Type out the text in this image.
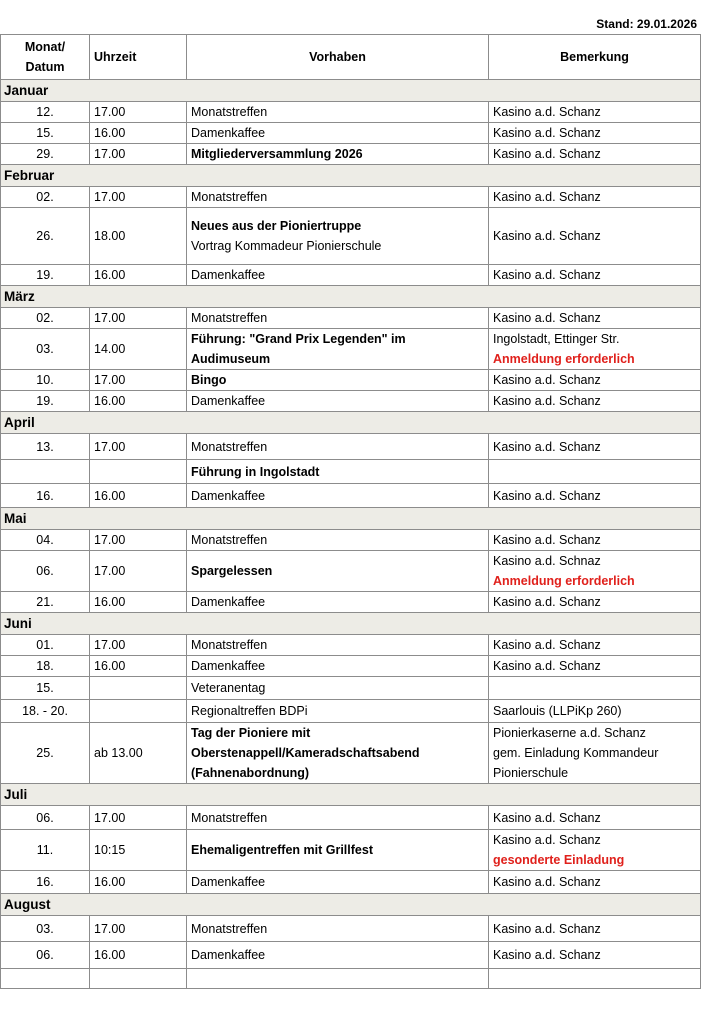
Stand: 29.01.2026
Monat/
Datum	Uhrzeit	Vorhaben	Bemerkung
Januar			
12.	17.00	Monatstreffen	Kasino a.d. Schanz

15.	16.00	Damenkaffee	Kasino a.d. Schanz

29.	17.00	Mitgliederversammlung 2026	Kasino a.d. Schanz

Februar			
02.	17.00	Monatstreffen	Kasino a.d. Schanz

26.	18.00	Neues aus der Pioniertruppe
Vortrag Kommadeur Pionierschule	Kasino a.d. Schanz

19.	16.00	Damenkaffee	Kasino a.d. Schanz

März			
02.	17.00	Monatstreffen	Kasino a.d. Schanz

03.	14.00	Führung: "Grand Prix Legenden" im
Audimuseum	Ingolstadt, Ettinger Str.
Anmeldung erforderlich

10.	17.00	Bingo	Kasino a.d. Schanz

19.	16.00	Damenkaffee	Kasino a.d. Schanz

April			
13.	17.00	Monatstreffen	Kasino a.d. Schanz

		Führung in Ingolstadt	

16.	16.00	Damenkaffee	Kasino a.d. Schanz

Mai			
04.	17.00	Monatstreffen	Kasino a.d. Schanz

06.	17.00	Spargelessen	Kasino a.d. Schnaz
Anmeldung erforderlich

21.	16.00	Damenkaffee	Kasino a.d. Schanz

Juni			
01.	17.00	Monatstreffen	Kasino a.d. Schanz

18.	16.00	Damenkaffee	Kasino a.d. Schanz

15.		Veteranentag	

18. - 20.		Regionaltreffen BDPi	Saarlouis (LLPiKp 260)

25.	ab 13.00	Tag der Pioniere mit
Oberstenappell/Kameradschaftsabend
(Fahnenabordnung)	Pionierkaserne a.d. Schanz
gem. Einladung Kommandeur
Pionierschule

Juli			
06.	17.00	Monatstreffen	Kasino a.d. Schanz

11.	10:15	Ehemaligentreffen mit Grillfest	Kasino a.d. Schanz
gesonderte Einladung

16.	16.00	Damenkaffee	Kasino a.d. Schanz

August			
03.	17.00	Monatstreffen	Kasino a.d. Schanz

06.	16.00	Damenkaffee	Kasino a.d. Schanz
